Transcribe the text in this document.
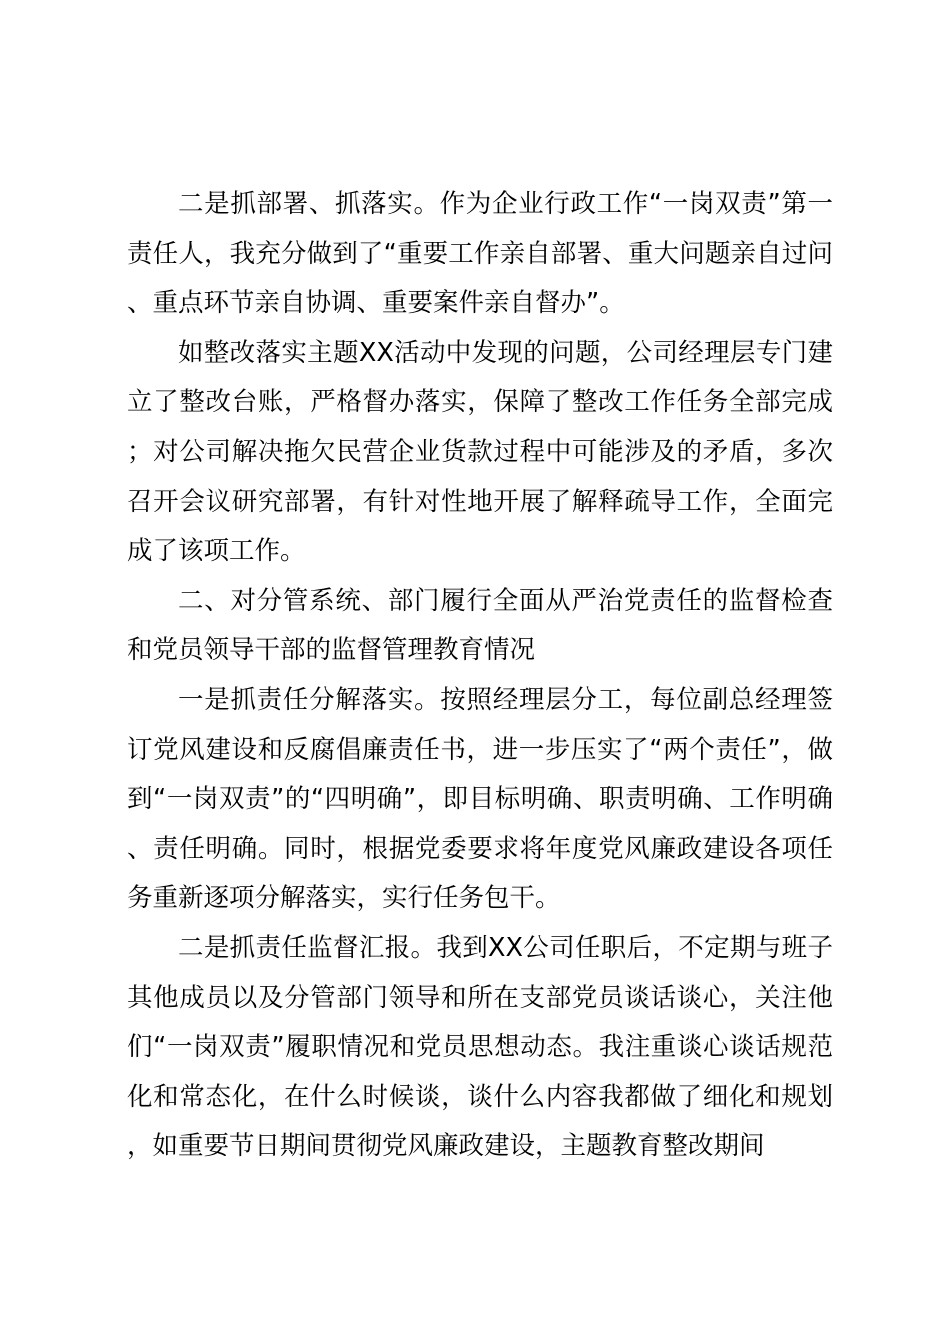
二是抓部署、抓落实。作为企业行政工作“一岗双责”第一责任人，我充分做到了“重要工作亲自部署、重大问题亲自过问、重点环节亲自协调、重要案件亲自督办”。

如整改落实主题XX活动中发现的问题，公司经理层专门建立了整改台账，严格督办落实，保障了整改工作任务全部完成；对公司解决拖欠民营企业货款过程中可能涉及的矛盾，多次召开会议研究部署，有针对性地开展了解释疏导工作，全面完成了该项工作。

二、对分管系统、部门履行全面从严治党责任的监督检查和党员领导干部的监督管理教育情况

一是抓责任分解落实。按照经理层分工，每位副总经理签订党风建设和反腐倡廉责任书，进一步压实了“两个责任”，做到“一岗双责”的“四明确”，即目标明确、职责明确、工作明确、责任明确。同时，根据党委要求将年度党风廉政建设各项任务重新逐项分解落实，实行任务包干。

二是抓责任监督汇报。我到XX公司任职后，不定期与班子其他成员以及分管部门领导和所在支部党员谈话谈心，关注他们“一岗双责”履职情况和党员思想动态。我注重谈心谈话规范化和常态化，在什么时候谈，谈什么内容我都做了细化和规划，如重要节日期间贯彻党风廉政建设，主题教育整改期间
